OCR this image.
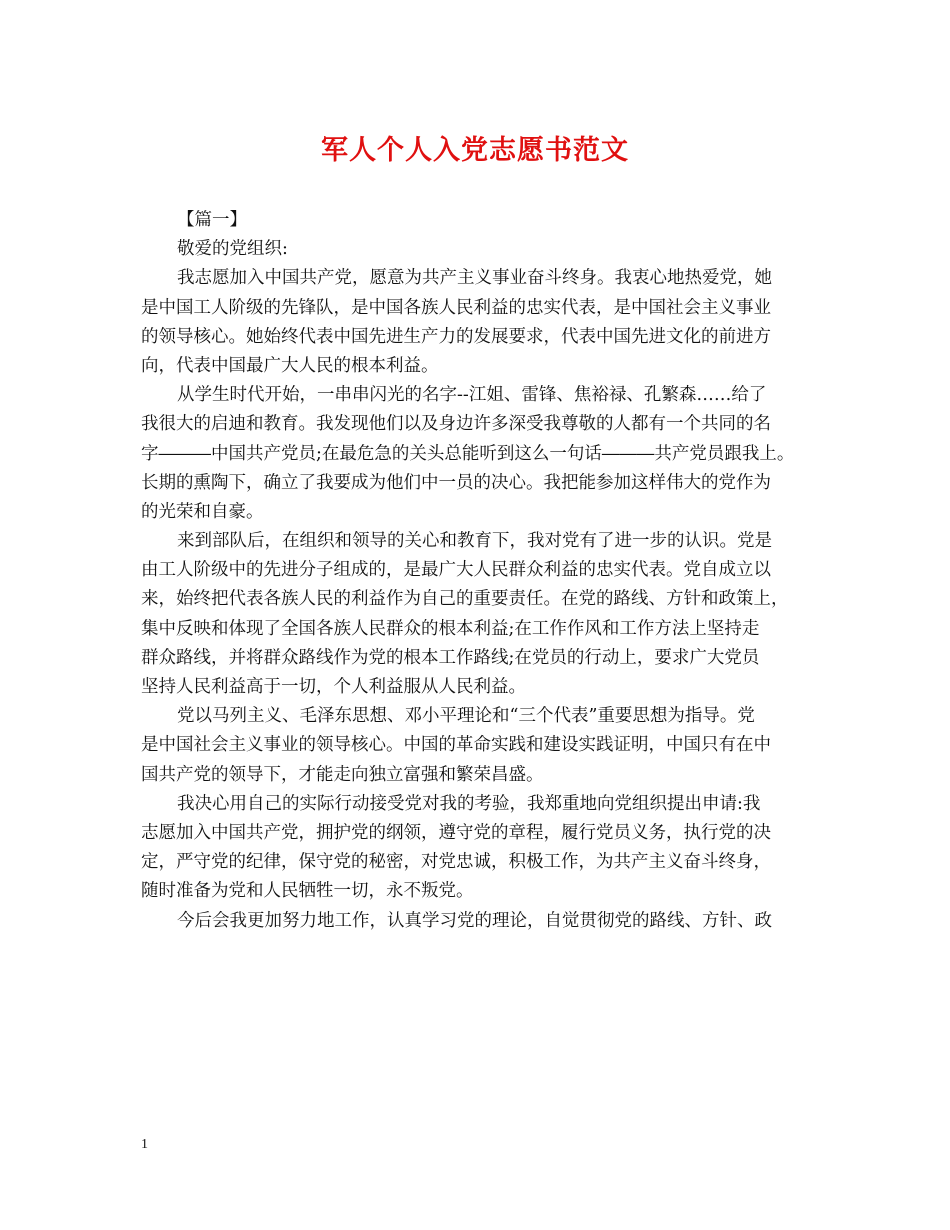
军人个人入党志愿书范文
【篇一】
敬爱的党组织:
我志愿加入中国共产党，愿意为共产主义事业奋斗终身。我衷心地热爱党，她
是中国工人阶级的先锋队，是中国各族人民利益的忠实代表，是中国社会主义事业
的领导核心。她始终代表中国先进生产力的发展要求，代表中国先进文化的前进方
向，代表中国最广大人民的根本利益。
从学生时代开始，一串串闪光的名字--江姐、雷锋、焦裕禄、孔繁森……给了
我很大的启迪和教育。我发现他们以及身边许多深受我尊敬的人都有一个共同的名
字―――中国共产党员;在最危急的关头总能听到这么一句话―――共产党员跟我上。
长期的熏陶下，确立了我要成为他们中一员的决心。我把能参加这样伟大的党作为
的光荣和自豪。
来到部队后，在组织和领导的关心和教育下，我对党有了进一步的认识。党是
由工人阶级中的先进分子组成的，是最广大人民群众利益的忠实代表。党自成立以
来，始终把代表各族人民的利益作为自己的重要责任。在党的路线、方针和政策上，
集中反映和体现了全国各族人民群众的根本利益;在工作作风和工作方法上坚持走
群众路线，并将群众路线作为党的根本工作路线;在党员的行动上，要求广大党员
坚持人民利益高于一切，个人利益服从人民利益。
党以马列主义、毛泽东思想、邓小平理论和“三个代表”重要思想为指导。党
是中国社会主义事业的领导核心。中国的革命实践和建设实践证明，中国只有在中
国共产党的领导下，才能走向独立富强和繁荣昌盛。
我决心用自己的实际行动接受党对我的考验，我郑重地向党组织提出申请:我
志愿加入中国共产党，拥护党的纲领，遵守党的章程，履行党员义务，执行党的决
定，严守党的纪律，保守党的秘密，对党忠诚，积极工作，为共产主义奋斗终身，
随时准备为党和人民牺牲一切，永不叛党。
今后会我更加努力地工作，认真学习党的理论，自觉贯彻党的路线、方针、政
1
